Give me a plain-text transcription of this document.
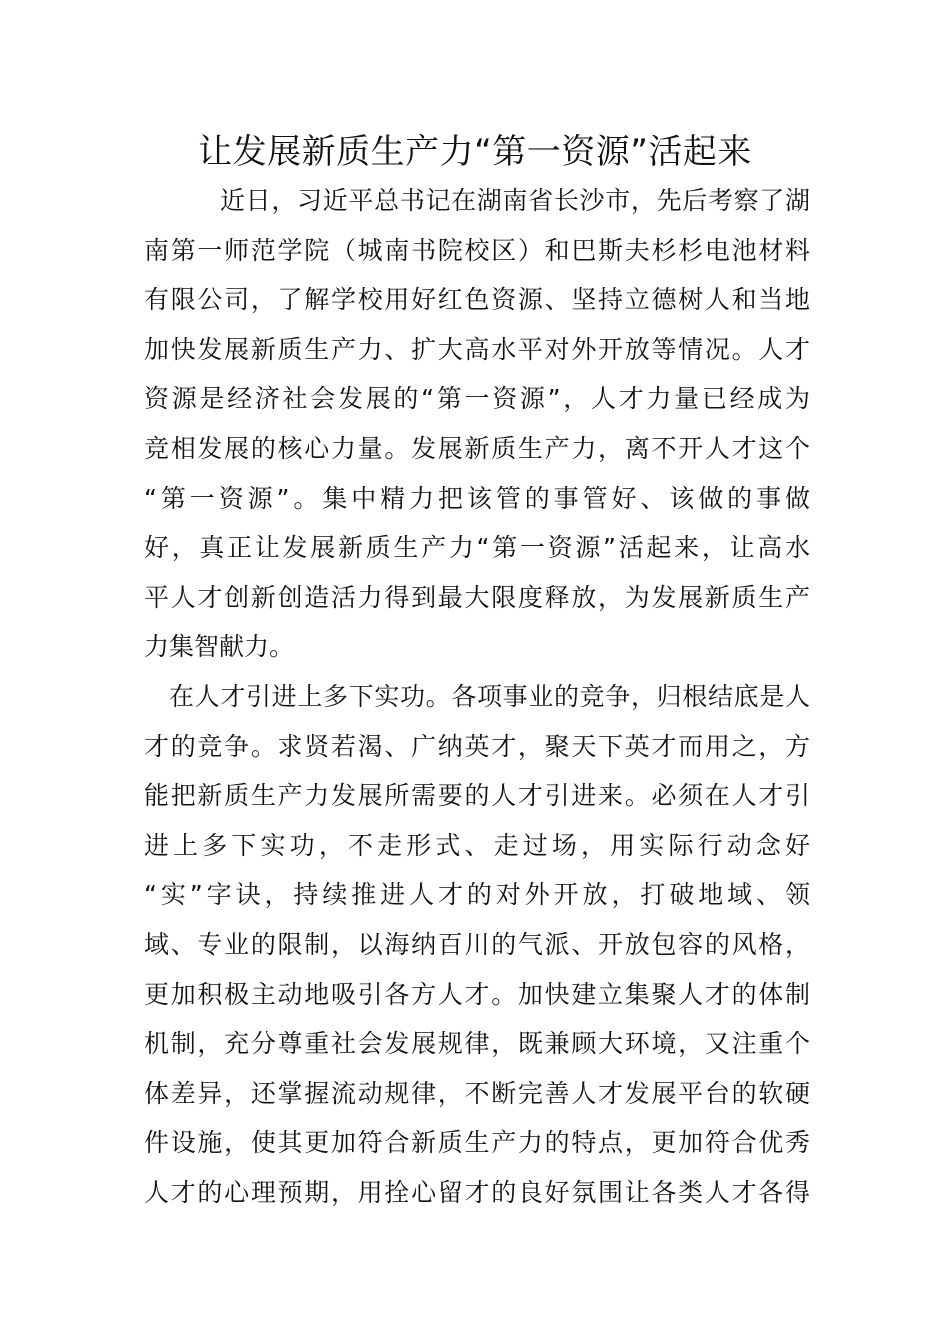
让发展新质生产力“第一资源”活起来
近日，习近平总书记在湖南省长沙市，先后考察了湖
南第一师范学院（城南书院校区）和巴斯夫杉杉电池材料
有限公司，了解学校用好红色资源、坚持立德树人和当地
加快发展新质生产力、扩大高水平对外开放等情况。人才
资源是经济社会发展的“第一资源”，人才力量已经成为
竞相发展的核心力量。发展新质生产力，离不开人才这个
“第一资源”。集中精力把该管的事管好、该做的事做
好，真正让发展新质生产力“第一资源”活起来，让高水
平人才创新创造活力得到最大限度释放，为发展新质生产
力集智献力。
在人才引进上多下实功。各项事业的竞争，归根结底是人
才的竞争。求贤若渴、广纳英才，聚天下英才而用之，方
能把新质生产力发展所需要的人才引进来。必须在人才引
进上多下实功，不走形式、走过场，用实际行动念好
“实”字诀，持续推进人才的对外开放，打破地域、领
域、专业的限制，以海纳百川的气派、开放包容的风格，
更加积极主动地吸引各方人才。加快建立集聚人才的体制
机制，充分尊重社会发展规律，既兼顾大环境，又注重个
体差异，还掌握流动规律，不断完善人才发展平台的软硬
件设施，使其更加符合新质生产力的特点，更加符合优秀
人才的心理预期，用拴心留才的良好氛围让各类人才各得
